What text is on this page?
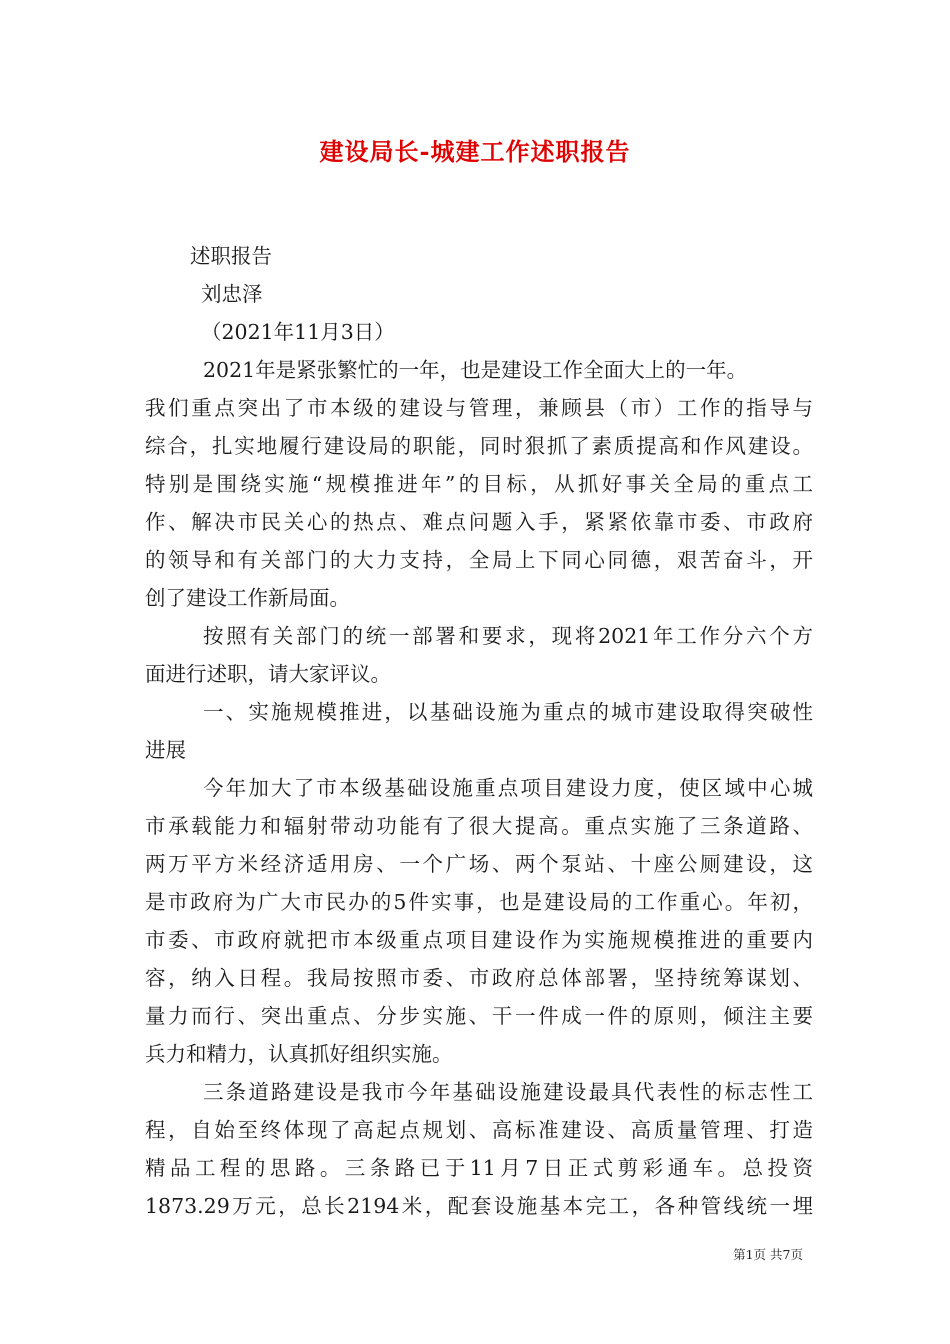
建设局长-城建工作述职报告
述职报告
刘忠泽
（2021年11月3日）
2021年是紧张繁忙的一年，也是建设工作全面大上的一年。
我们重点突出了市本级的建设与管理，兼顾县（市）工作的指导与
综合，扎实地履行建设局的职能，同时狠抓了素质提高和作风建设。
特别是围绕实施“规模推进年”的目标，从抓好事关全局的重点工
作、解决市民关心的热点、难点问题入手，紧紧依靠市委、市政府
的领导和有关部门的大力支持，全局上下同心同德，艰苦奋斗，开
创了建设工作新局面。
按照有关部门的统一部署和要求，现将2021年工作分六个方
面进行述职，请大家评议。
一、实施规模推进，以基础设施为重点的城市建设取得突破性
进展
今年加大了市本级基础设施重点项目建设力度，使区域中心城
市承载能力和辐射带动功能有了很大提高。重点实施了三条道路、
两万平方米经济适用房、一个广场、两个泵站、十座公厕建设，这
是市政府为广大市民办的5件实事，也是建设局的工作重心。年初，
市委、市政府就把市本级重点项目建设作为实施规模推进的重要内
容，纳入日程。我局按照市委、市政府总体部署，坚持统筹谋划、
量力而行、突出重点、分步实施、干一件成一件的原则，倾注主要
兵力和精力，认真抓好组织实施。
三条道路建设是我市今年基础设施建设最具代表性的标志性工
程，自始至终体现了高起点规划、高标准建设、高质量管理、打造
精品工程的思路。三条路已于11月7日正式剪彩通车。总投资
1873.29万元，总长2194米，配套设施基本完工，各种管线统一埋
第1页 共7页
